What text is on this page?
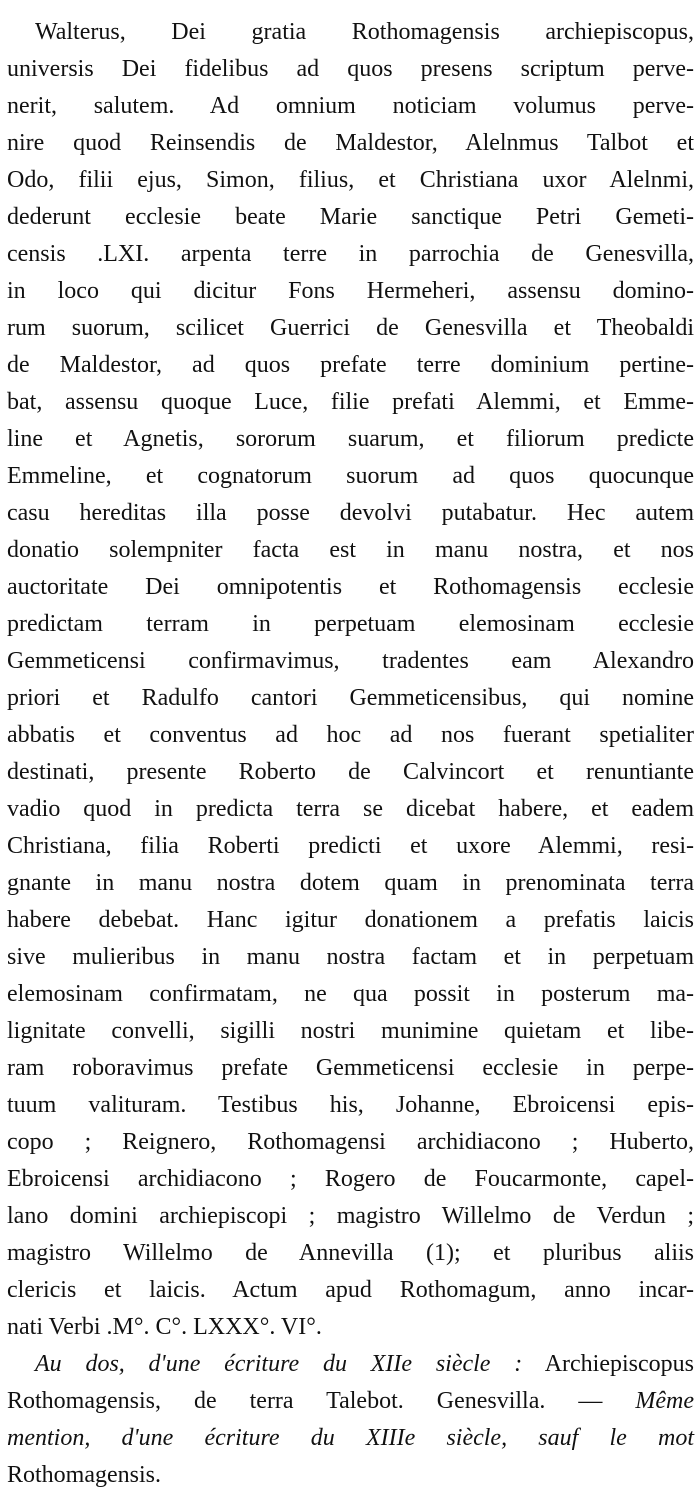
Walterus, Dei gratia Rothomagensis archiepiscopus,
universis Dei fidelibus ad quos presens scriptum perve-
nerit, salutem. Ad omnium noticiam volumus perve-
nire quod Reinsendis de Maldestor, Alelnmus Talbot et
Odo, filii ejus, Simon, filius, et Christiana uxor Alelnmi,
dederunt ecclesie beate Marie sanctique Petri Gemeti-
censis .LXI. arpenta terre in parrochia de Genesvilla,
in loco qui dicitur Fons Hermeheri, assensu domino-
rum suorum, scilicet Guerrici de Genesvilla et Theobaldi
de Maldestor, ad quos prefate terre dominium pertine-
bat, assensu quoque Luce, filie prefati Alemmi, et Emme-
line et Agnetis, sororum suarum, et filiorum predicte
Emmeline, et cognatorum suorum ad quos quocunque
casu hereditas illa posse devolvi putabatur. Hec autem
donatio solempniter facta est in manu nostra, et nos
auctoritate Dei omnipotentis et Rothomagensis ecclesie
predictam terram in perpetuam elemosinam ecclesie
Gemmeticensi confirmavimus, tradentes eam Alexandro
priori et Radulfo cantori Gemmeticensibus, qui nomine
abbatis et conventus ad hoc ad nos fuerant spetialiter
destinati, presente Roberto de Calvincort et renuntiante
vadio quod in predicta terra se dicebat habere, et eadem
Christiana, filia Roberti predicti et uxore Alemmi, resi-
gnante in manu nostra dotem quam in prenominata terra
habere debebat. Hanc igitur donationem a prefatis laicis
sive mulieribus in manu nostra factam et in perpetuam
elemosinam confirmatam, ne qua possit in posterum ma-
lignitate convelli, sigilli nostri munimine quietam et libe-
ram roboravimus prefate Gemmeticensi ecclesie in perpe-
tuum valituram. Testibus his, Johanne, Ebroicensi epis-
copo ; Reignero, Rothomagensi archidiacono ; Huberto,
Ebroicensi archidiacono ; Rogero de Foucarmonte, capel-
lano domini archiepiscopi ; magistro Willelmo de Verdun ;
magistro Willelmo de Annevilla (1); et pluribus aliis
clericis et laicis. Actum apud Rothomagum, anno incar-
nati Verbi .M°. C°. LXXX°. VI°.
Au dos, d'une écriture du XIIe siècle : Archiepiscopus
Rothomagensis, de terra Talebot. Genesvilla. — Même
mention, d'une écriture du XIIIe siècle, sauf le mot
Rothomagensis.
